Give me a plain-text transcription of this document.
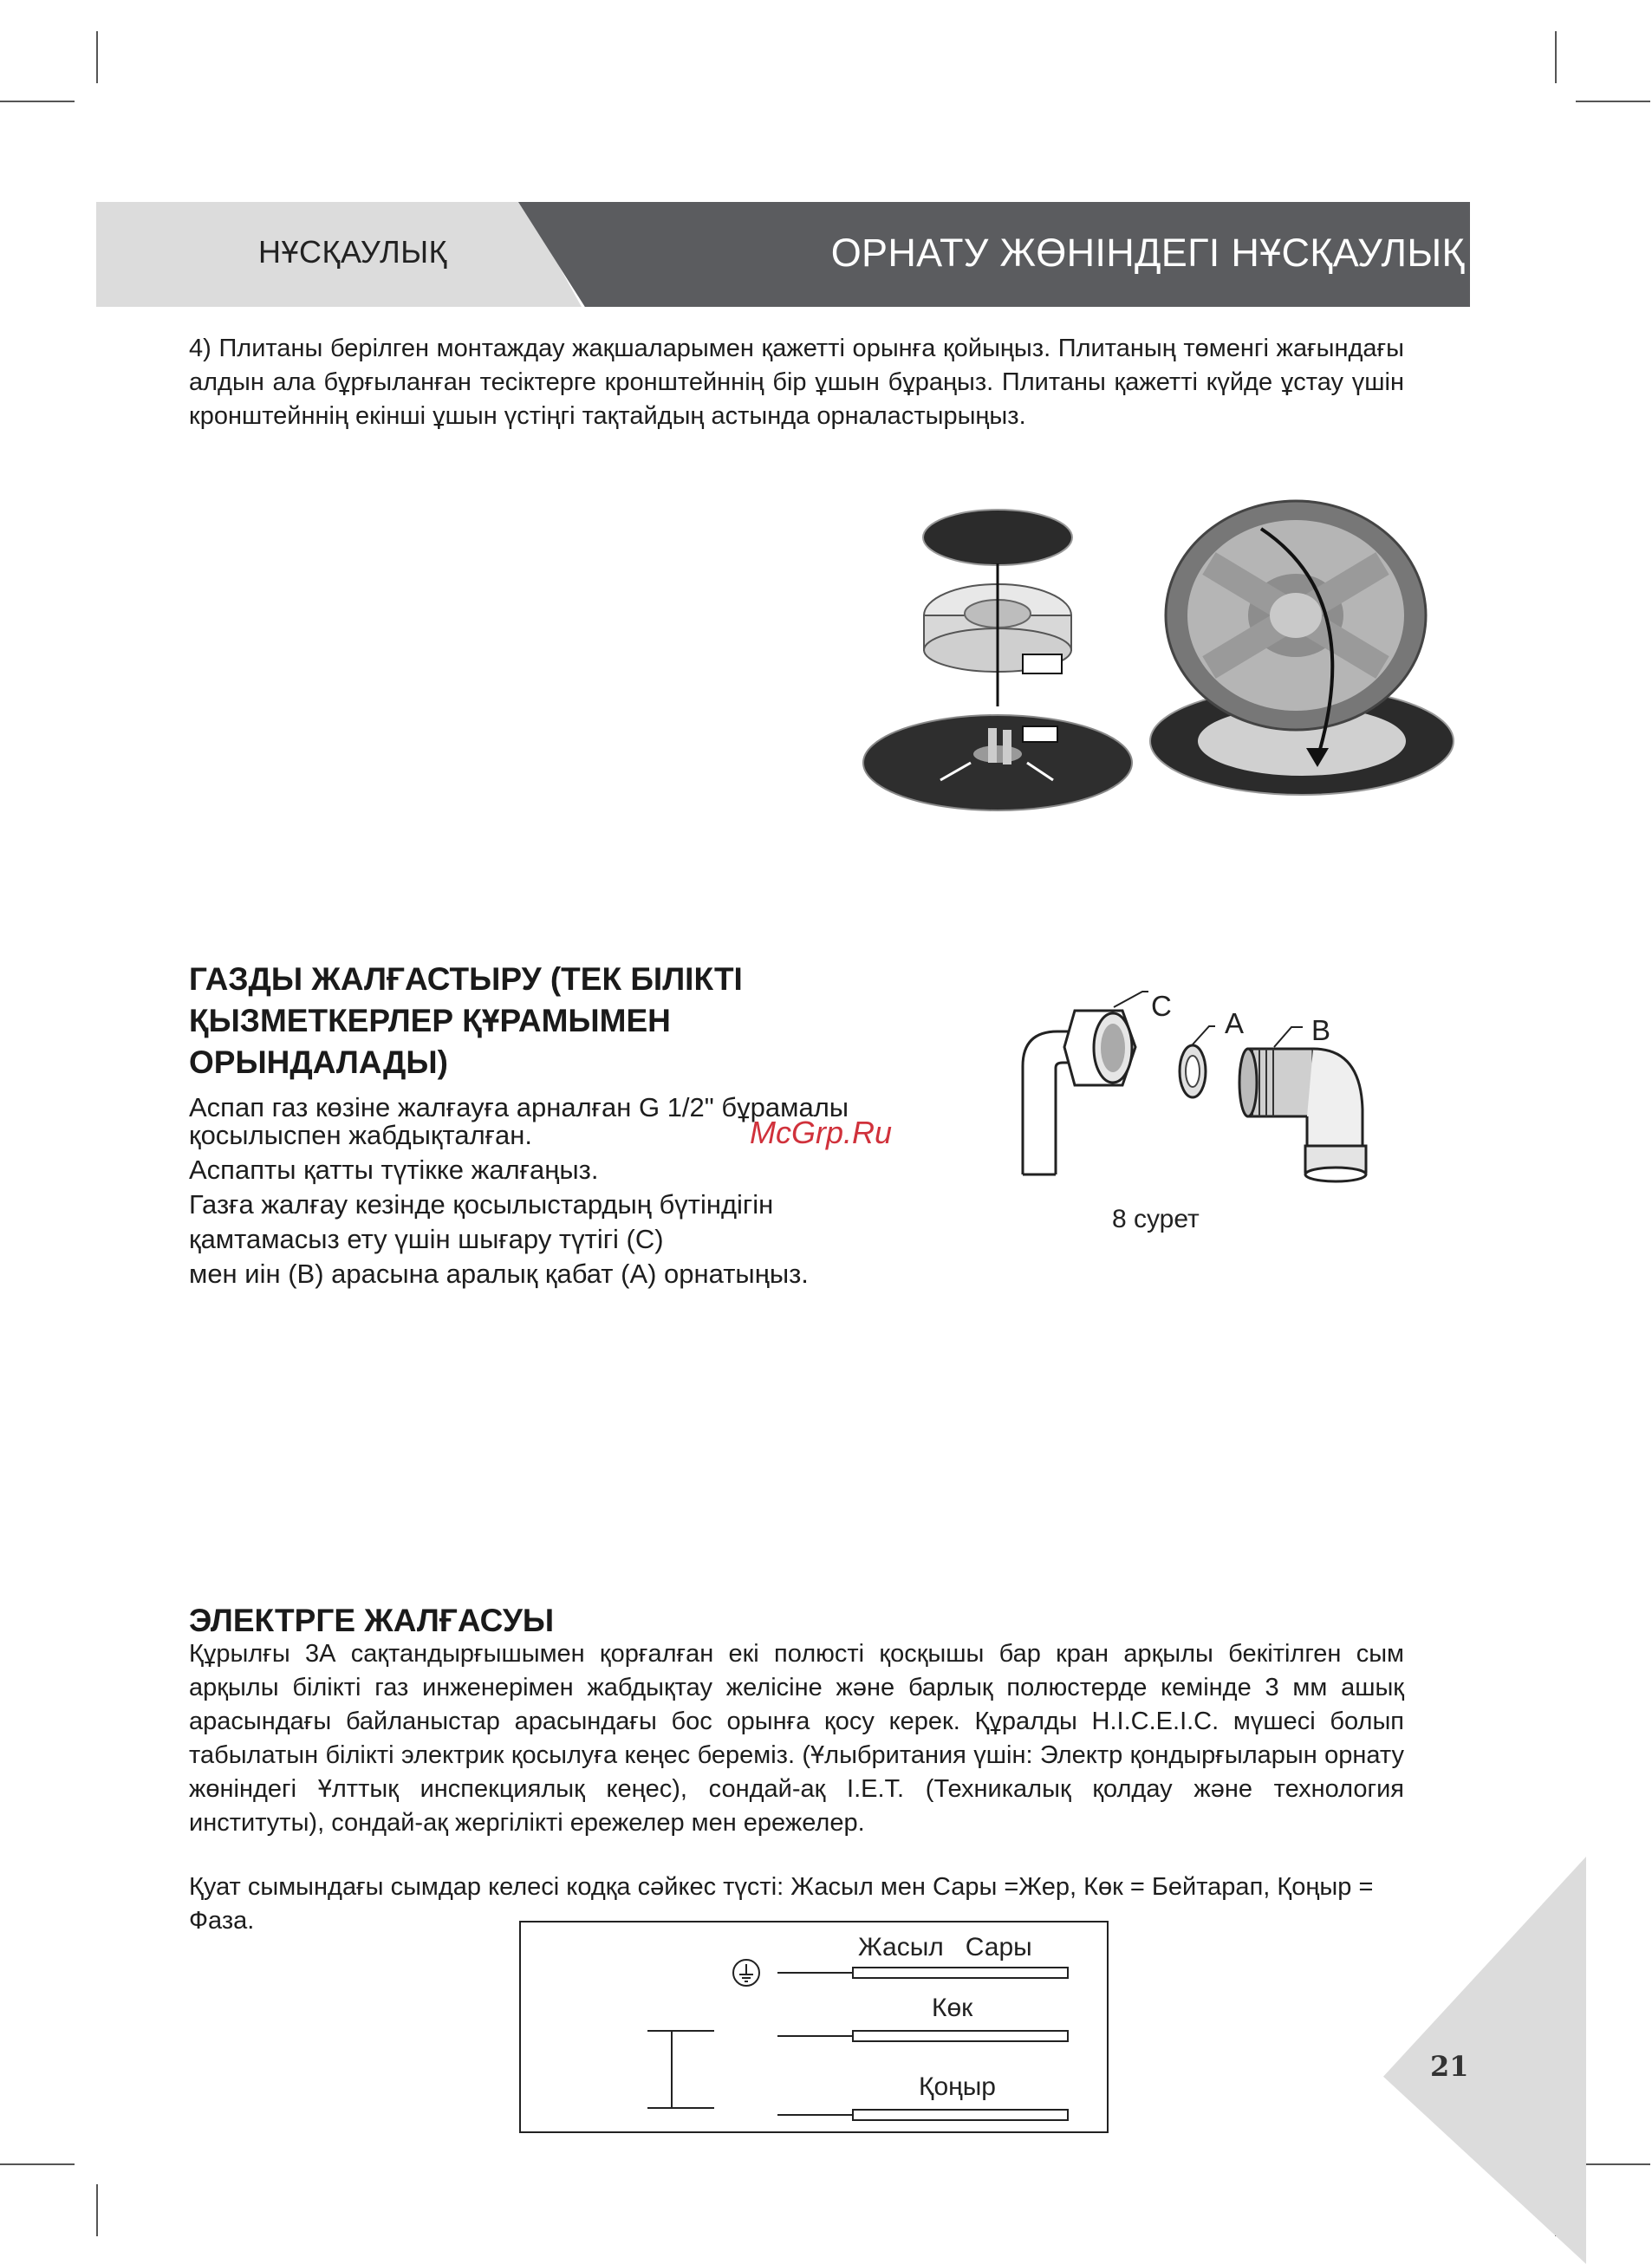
НҰСҚАУЛЫҚ	ОРНАТУ ЖӨНІНДЕГІ НҰСҚАУЛЫҚ
4) Плитаны берілген монтаждау жақшаларымен қажетті орынға қойыңыз. Плитаның төменгі жағындағы алдын ала бұрғыланған тесіктерге кронштейннің бір ұшын бұраңыз. Плитаны қажетті күйде ұстау үшін кронштейннің екінші ұшын үстіңгі тақтайдың астында орналастырыңыз.
ГАЗДЫ ЖАЛҒАСТЫРУ (ТЕК БІЛІКТІ
ҚЫЗМЕТКЕРЛЕР ҚҰРАМЫМЕН
ОРЫНДАЛАДЫ)
Аспап газ көзіне жалғауға арналған G 1/2" бұрамалы
қосылыспен жабдықталған.
Аспапты қатты түтікке жалғаңыз.
Газға жалғау кезінде қосылыстардың бүтіндігін
қамтамасыз ету үшін шығару түтігі (С)
мен иін (В) арасына аралық қабат (А) орнатыңыз.
McGrp.Ru
C
A B
8 сурет
ЭЛЕКТРГЕ ЖАЛҒАСУЫ
Құрылғы 3А сақтандырғышымен қорғалған екі полюсті қосқышы бар кран арқылы бекітілген сым арқылы білікті газ инженерімен жабдықтау желісіне және барлық полюстерде кемінде 3 мм ашық арасындағы байланыстар арасындағы бос орынға қосу керек. Құралды H.I.C.E.I.C. мүшесі болып табылатын білікті электрик қосылуға кеңес береміз. (Ұлыбритания үшін: Электр қондырғыларын орнату жөніндегі Ұлттық инспекциялық кеңес), сондай-ақ I.E.T. (Техникалық қолдау және технология институты), сондай-ақ жергілікті ережелер мен ережелер.
Қуат сымындағы сымдар келесі кодқа сәйкес түсті: Жасыл мен Сары =Жер, Көк = Бейтарап, Қоңыр = Фаза.
Жасыл   Сары
Көк
Қоңыр
21
